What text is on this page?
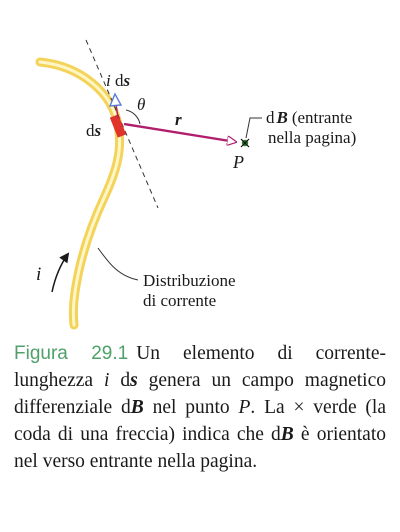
i ds
θ
r
ds
d B (entrante
nella pagina)
P
i	Distribuzione
di corrente
Figura 29.1 Un elemento di corrente-lunghezza i ds genera un campo magnetico differenziale dB nel punto P. La × verde (la coda di una freccia) indica che dB è orientato nel verso entrante nella pagina.
